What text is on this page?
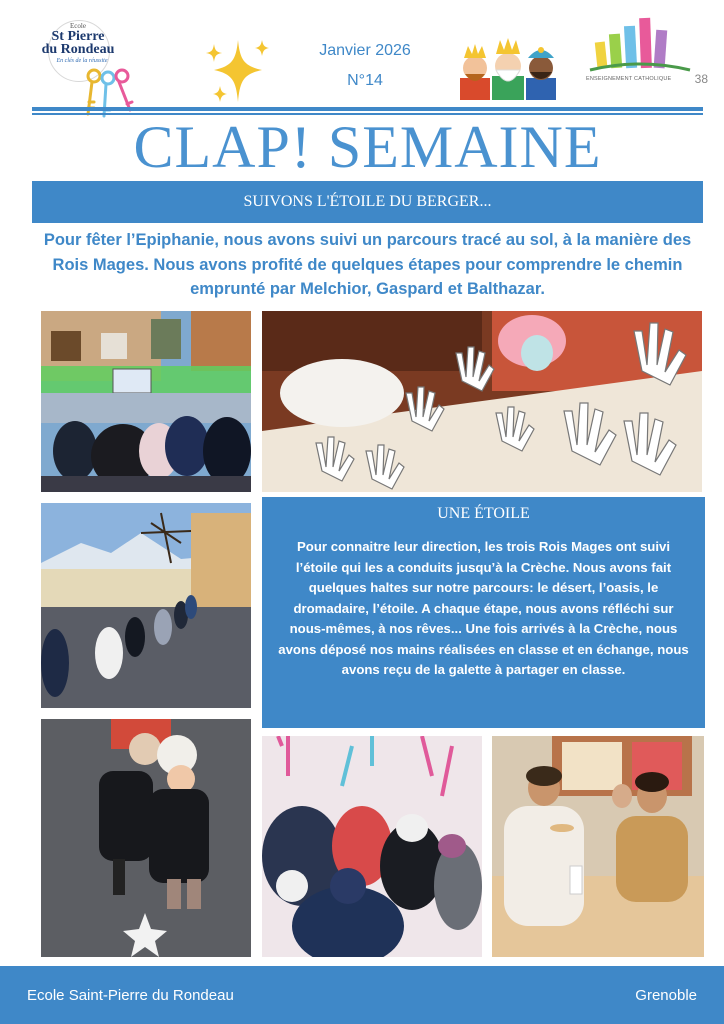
Ecole
St Pierre
du Rondeau
En clés de la réussite
Janvier 2026
N°14	ENSEIGNEMENT CATHOLIQUE 38
CLAP! SEMAINE
SUIVONS L'ÉTOILE DU BERGER...
Pour fêter l’Epiphanie, nous avons suivi un parcours tracé au sol, à la manière des Rois Mages. Nous avons profité de quelques étapes pour comprendre le chemin emprunté par Melchior, Gaspard et Balthazar.
UNE ÉTOILE
Pour connaitre leur direction, les trois Rois Mages ont suivi l’étoile qui les a conduits jusqu’à la Crèche. Nous avons fait quelques haltes sur notre parcours: le désert, l’oasis, le dromadaire, l’étoile. A chaque étape, nous avons réfléchi sur nous-mêmes, à nos rêves... Une fois arrivés à la Crèche, nous avons déposé nos mains réalisées en classe et en échange, nous avons reçu de la galette à partager en classe.
Ecole Saint-Pierre du Rondeau	Grenoble
